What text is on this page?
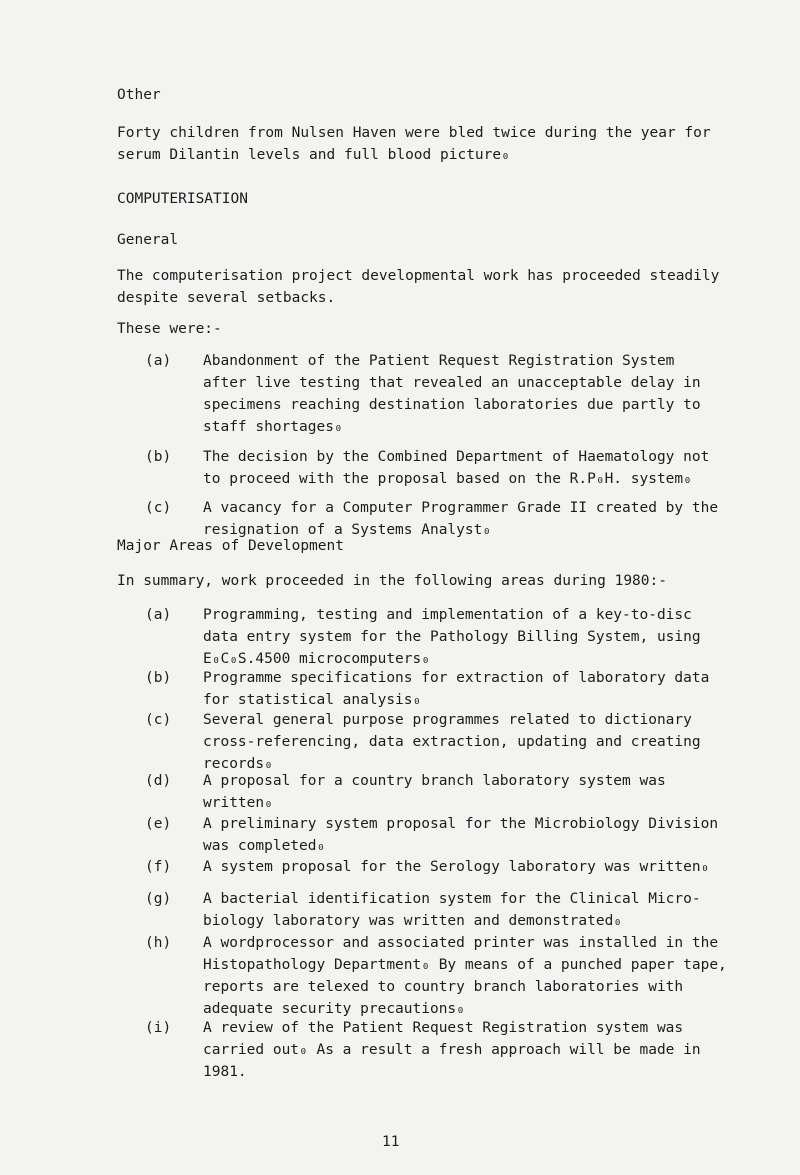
Other
Forty children from Nulsen Haven were bled twice during the year for
serum Dilantin levels and full blood picture₀
COMPUTERISATION
General
The computerisation project developmental work has proceeded steadily
despite several setbacks.
These were:-
(a) Abandonment of the Patient Request Registration System
after live testing that revealed an unacceptable delay in
specimens reaching destination laboratories due partly to
staff shortages₀
(b) The decision by the Combined Department of Haematology not
to proceed with the proposal based on the R.P₀H. system₀
(c) A vacancy for a Computer Programmer Grade II created by the
resignation of a Systems Analyst₀
Major Areas of Development
In summary, work proceeded in the following areas during 1980:-
(a) Programming, testing and implementation of a key-to-disc
data entry system for the Pathology Billing System, using
E₀C₀S.4500 microcomputers₀
(b) Programme specifications for extraction of laboratory data
for statistical analysis₀
(c) Several general purpose programmes related to dictionary
cross-referencing, data extraction, updating and creating
records₀
(d) A proposal for a country branch laboratory system was
written₀
(e) A preliminary system proposal for the Microbiology Division
was completed₀
(f) A system proposal for the Serology laboratory was written₀
(g) A bacterial identification system for the Clinical Micro-
biology laboratory was written and demonstrated₀
(h) A wordprocessor and associated printer was installed in the
Histopathology Department₀ By means of a punched paper tape,
reports are telexed to country branch laboratories with
adequate security precautions₀
(i) A review of the Patient Request Registration system was
carried out₀ As a result a fresh approach will be made in
1981.
11
